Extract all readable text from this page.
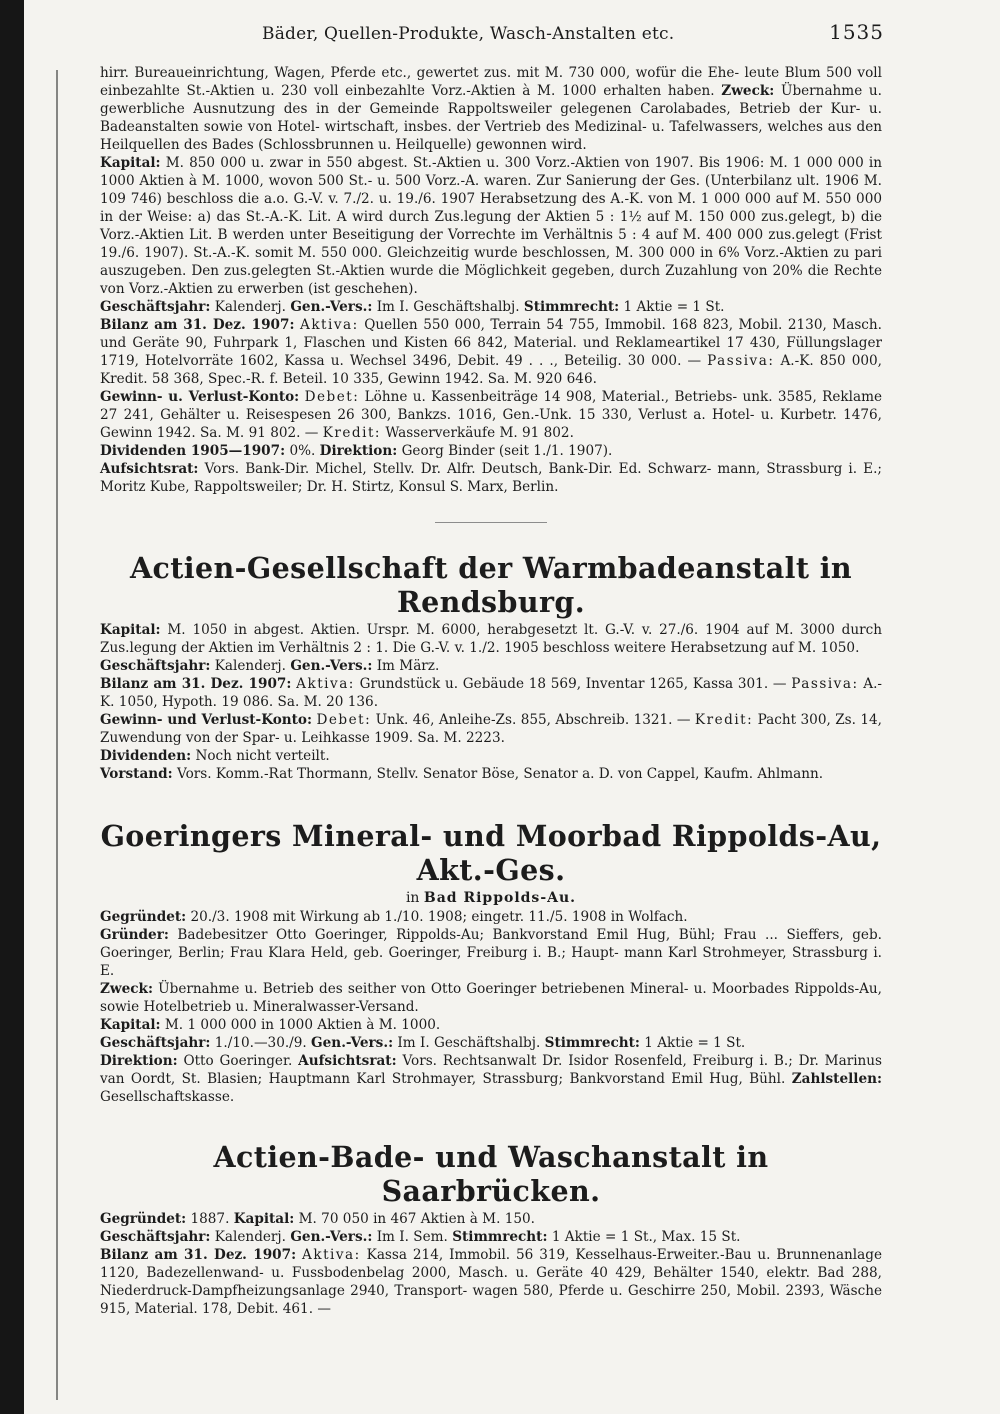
Bäder, Quellen-Produkte, Wasch-Anstalten etc.	1535

hirr. Bureaueinrichtung, Wagen, Pferde etc., gewertet zus. mit M. 730 000, wofür die Ehe- leute Blum 500 voll einbezahlte St.-Aktien u. 230 voll einbezahlte Vorz.-Aktien à M. 1000 erhalten haben. Zweck: Übernahme u. gewerbliche Ausnutzung des in der Gemeinde Rappoltsweiler gelegenen Carolabades, Betrieb der Kur- u. Badeanstalten sowie von Hotel- wirtschaft, insbes. der Vertrieb des Medizinal- u. Tafelwassers, welches aus den Heilquellen des Bades (Schlossbrunnen u. Heilquelle) gewonnen wird.

Kapital: M. 850 000 u. zwar in 550 abgest. St.-Aktien u. 300 Vorz.-Aktien von 1907. Bis 1906: M. 1 000 000 in 1000 Aktien à M. 1000, wovon 500 St.- u. 500 Vorz.-A. waren. Zur Sanierung der Ges. (Unterbilanz ult. 1906 M. 109 746) beschloss die a.o. G.-V. v. 7./2. u. 19./6. 1907 Herabsetzung des A.-K. von M. 1 000 000 auf M. 550 000 in der Weise: a) das St.-A.-K. Lit. A wird durch Zus.legung der Aktien 5 : 1½ auf M. 150 000 zus.gelegt, b) die Vorz.-Aktien Lit. B werden unter Beseitigung der Vorrechte im Verhältnis 5 : 4 auf M. 400 000 zus.gelegt (Frist 19./6. 1907). St.-A.-K. somit M. 550 000. Gleichzeitig wurde beschlossen, M. 300 000 in 6% Vorz.-Aktien zu pari auszugeben. Den zus.gelegten St.-Aktien wurde die Möglichkeit gegeben, durch Zuzahlung von 20% die Rechte von Vorz.-Aktien zu erwerben (ist geschehen).

Geschäftsjahr: Kalenderj. Gen.-Vers.: Im I. Geschäftshalbj. Stimmrecht: 1 Aktie = 1 St.

Bilanz am 31. Dez. 1907: Aktiva: Quellen 550 000, Terrain 54 755, Immobil. 168 823, Mobil. 2130, Masch. und Geräte 90, Fuhrpark 1, Flaschen und Kisten 66 842, Material. und Reklameartikel 17 430, Füllungslager 1719, Hotelvorräte 1602, Kassa u. Wechsel 3496, Debit. 49 . . ., Beteilig. 30 000. — Passiva: A.-K. 850 000, Kredit. 58 368, Spec.-R. f. Beteil. 10 335, Gewinn 1942. Sa. M. 920 646.

Gewinn- u. Verlust-Konto: Debet: Löhne u. Kassenbeiträge 14 908, Material., Betriebs- unk. 3585, Reklame 27 241, Gehälter u. Reisespesen 26 300, Bankzs. 1016, Gen.-Unk. 15 330, Verlust a. Hotel- u. Kurbetr. 1476, Gewinn 1942. Sa. M. 91 802. — Kredit: Wasserverkäufe M. 91 802.

Dividenden 1905—1907: 0%. Direktion: Georg Binder (seit 1./1. 1907).

Aufsichtsrat: Vors. Bank-Dir. Michel, Stellv. Dr. Alfr. Deutsch, Bank-Dir. Ed. Schwarz- mann, Strassburg i. E.; Moritz Kube, Rappoltsweiler; Dr. H. Stirtz, Konsul S. Marx, Berlin.

Actien-Gesellschaft der Warmbadeanstalt in Rendsburg.

Kapital: M. 1050 in abgest. Aktien. Urspr. M. 6000, herabgesetzt lt. G.-V. v. 27./6. 1904 auf M. 3000 durch Zus.legung der Aktien im Verhältnis 2 : 1. Die G.-V. v. 1./2. 1905 beschloss weitere Herabsetzung auf M. 1050.

Geschäftsjahr: Kalenderj. Gen.-Vers.: Im März.

Bilanz am 31. Dez. 1907: Aktiva: Grundstück u. Gebäude 18 569, Inventar 1265, Kassa 301. — Passiva: A.-K. 1050, Hypoth. 19 086. Sa. M. 20 136.

Gewinn- und Verlust-Konto: Debet: Unk. 46, Anleihe-Zs. 855, Abschreib. 1321. — Kredit: Pacht 300, Zs. 14, Zuwendung von der Spar- u. Leihkasse 1909. Sa. M. 2223.

Dividenden: Noch nicht verteilt.

Vorstand: Vors. Komm.-Rat Thormann, Stellv. Senator Böse, Senator a. D. von Cappel, Kaufm. Ahlmann.

Goeringers Mineral- und Moorbad Rippolds-Au, Akt.-Ges.
in Bad Rippolds-Au.

Gegründet: 20./3. 1908 mit Wirkung ab 1./10. 1908; eingetr. 11./5. 1908 in Wolfach.

Gründer: Badebesitzer Otto Goeringer, Rippolds-Au; Bankvorstand Emil Hug, Bühl; Frau ... Sieffers, geb. Goeringer, Berlin; Frau Klara Held, geb. Goeringer, Freiburg i. B.; Haupt- mann Karl Strohmeyer, Strassburg i. E.

Zweck: Übernahme u. Betrieb des seither von Otto Goeringer betriebenen Mineral- u. Moorbades Rippolds-Au, sowie Hotelbetrieb u. Mineralwasser-Versand.

Kapital: M. 1 000 000 in 1000 Aktien à M. 1000.

Geschäftsjahr: 1./10.—30./9. Gen.-Vers.: Im I. Geschäftshalbj. Stimmrecht: 1 Aktie = 1 St.

Direktion: Otto Goeringer. Aufsichtsrat: Vors. Rechtsanwalt Dr. Isidor Rosenfeld, Freiburg i. B.; Dr. Marinus van Oordt, St. Blasien; Hauptmann Karl Strohmayer, Strassburg; Bankvorstand Emil Hug, Bühl. Zahlstellen: Gesellschaftskasse.

Actien-Bade- und Waschanstalt in Saarbrücken.

Gegründet: 1887. Kapital: M. 70 050 in 467 Aktien à M. 150.

Geschäftsjahr: Kalenderj. Gen.-Vers.: Im I. Sem. Stimmrecht: 1 Aktie = 1 St., Max. 15 St.

Bilanz am 31. Dez. 1907: Aktiva: Kassa 214, Immobil. 56 319, Kesselhaus-Erweiter.-Bau u. Brunnenanlage 1120, Badezellenwand- u. Fussbodenbelag 2000, Masch. u. Geräte 40 429, Behälter 1540, elektr. Bad 288, Niederdruck-Dampfheizungsanlage 2940, Transport- wagen 580, Pferde u. Geschirre 250, Mobil. 2393, Wäsche 915, Material. 178, Debit. 461. —
